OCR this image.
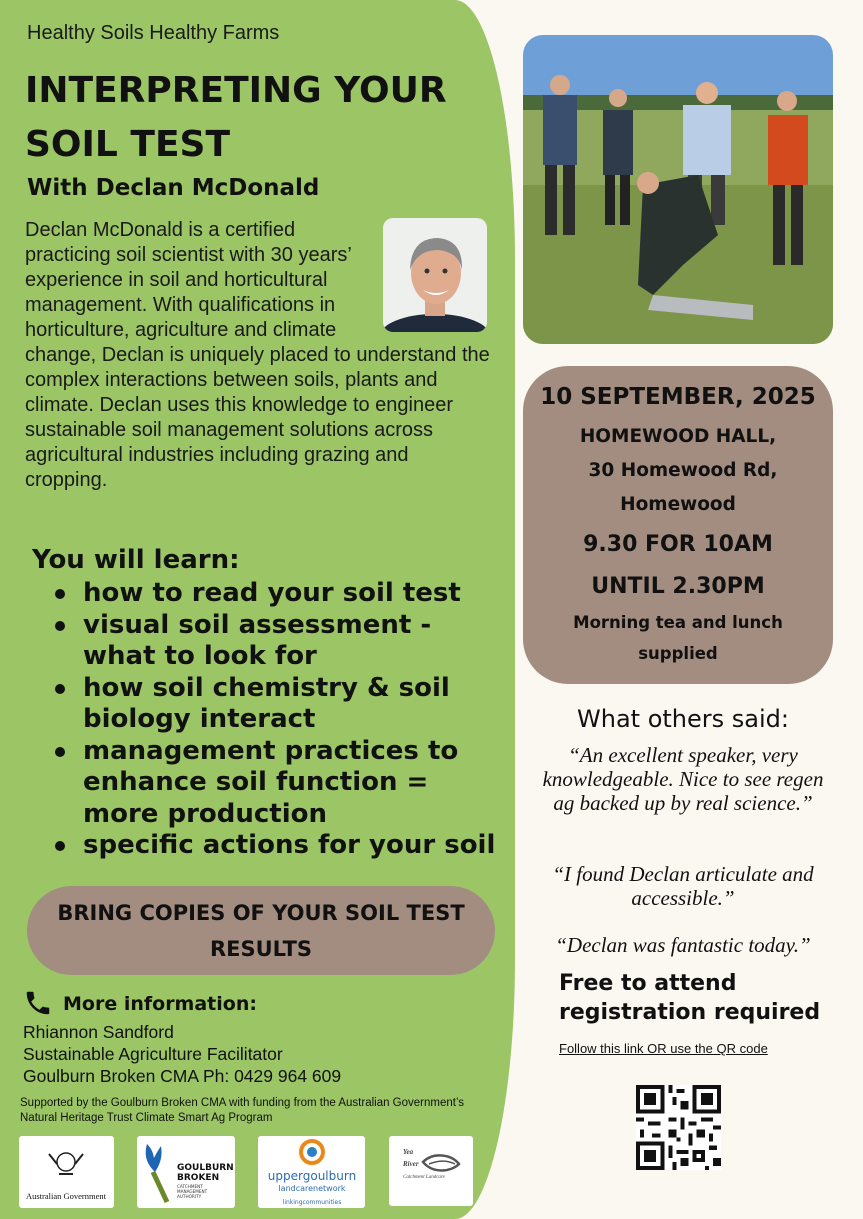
Healthy Soils Healthy Farms
INTERPRETING YOUR
SOIL TEST
With Declan McDonald
Declan McDonald is a certified practicing soil scientist with 30 years’ experience in soil and horticultural management. With qualifications in horticulture, agriculture and climate change, Declan is uniquely placed to understand the complex interactions between soils, plants and climate. Declan uses this knowledge to engineer sustainable soil management solutions across agricultural industries including grazing and cropping.
You will learn:
how to read your soil test
visual soil assessment - what to look for
how soil chemistry & soil biology interact
management practices to enhance soil function = more production
specific actions for your soil
BRING COPIES OF YOUR SOIL TEST
RESULTS
More information:
Rhiannon Sandford
Sustainable Agriculture Facilitator
Goulburn Broken CMA Ph: 0429 964 609
Supported by the Goulburn Broken CMA with funding from the Australian Government’s Natural Heritage Trust Climate Smart Ag Program
Australian Government
GOULBURN
BROKEN
CATCHMENT
MANAGEMENT
AUTHORITY
uppergoulburn
landcarenetwork
linkingcommunities
Yea
River
Catchment Landcare
10 SEPTEMBER, 2025
HOMEWOOD HALL,
30 Homewood Rd,
Homewood
9.30 FOR 10AM
UNTIL 2.30PM
Morning tea and lunch
supplied
What others said:
“An excellent speaker, very knowledgeable. Nice to see regen ag backed up by real science.”
“I found Declan articulate and accessible.”
“Declan was fantastic today.”
Free to attend
registration required
Follow this link OR use the QR code
